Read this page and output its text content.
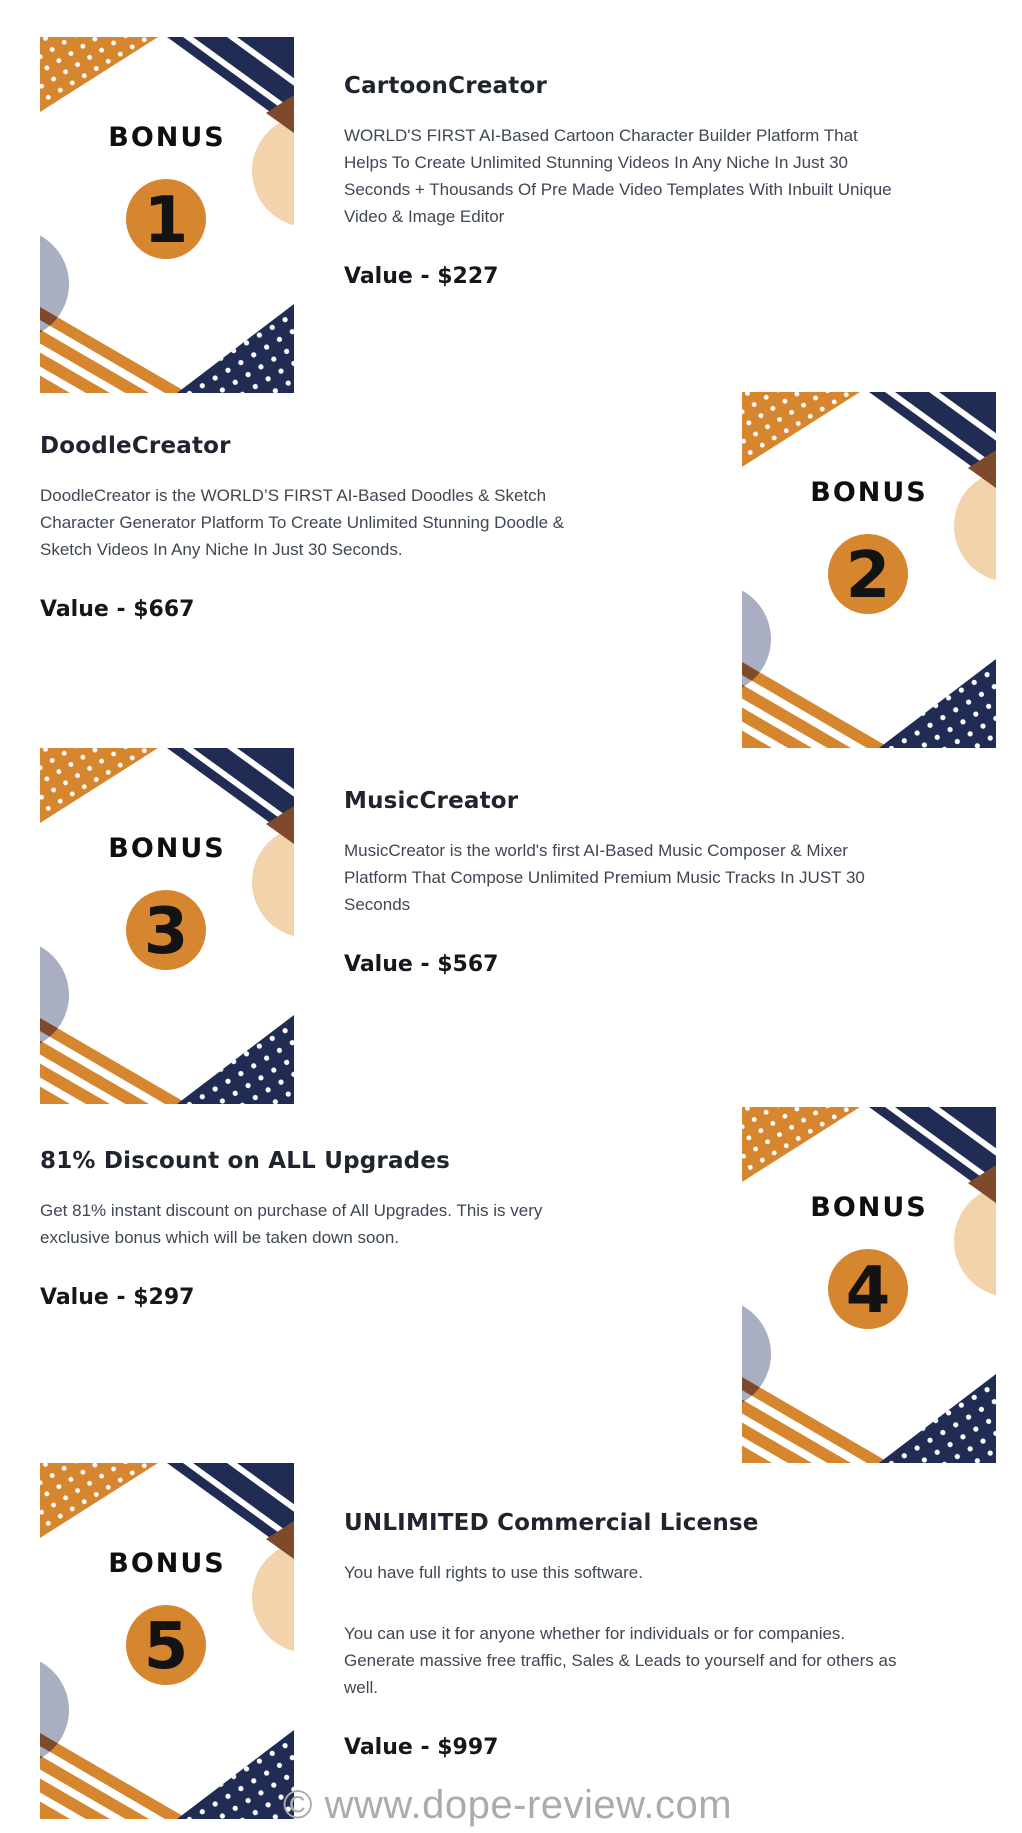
BONUS
1
CartoonCreator

WORLD'S FIRST AI-Based Cartoon Character Builder Platform That Helps To Create Unlimited Stunning Videos In Any Niche In Just 30 Seconds + Thousands Of Pre Made Video Templates With Inbuilt Unique Video & Image Editor

Value - $227
BONUS
2
DoodleCreator

DoodleCreator is the WORLD’S FIRST AI-Based Doodles & Sketch Character Generator Platform To Create Unlimited Stunning Doodle & Sketch Videos In Any Niche In Just 30 Seconds.

Value - $667
BONUS
3
MusicCreator

MusicCreator is the world's first AI-Based Music Composer & Mixer Platform That Compose Unlimited Premium Music Tracks In JUST 30 Seconds

Value - $567
BONUS
4
81% Discount on ALL Upgrades

Get 81% instant discount on purchase of All Upgrades. This is very exclusive bonus which will be taken down soon.

Value - $297
BONUS
5
UNLIMITED Commercial License

You have full rights to use this software.

You can use it for anyone whether for individuals or for companies. Generate massive free traffic, Sales & Leads to yourself and for others as well.

Value - $997
© www.dope-review.com
